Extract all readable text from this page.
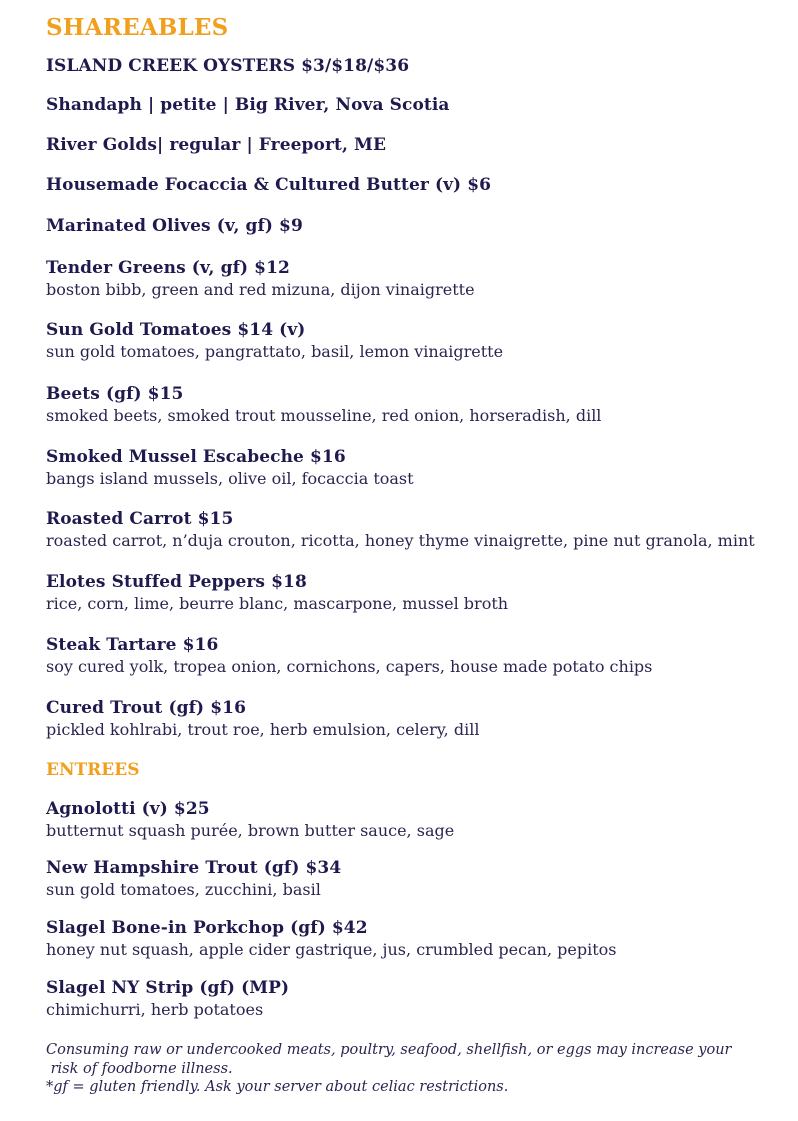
SHAREABLES
ISLAND CREEK OYSTERS $3/$18/$36
Shandaph | petite | Big River, Nova Scotia
River Golds| regular | Freeport, ME
Housemade Focaccia & Cultured Butter (v) $6
Marinated Olives (v, gf) $9
Tender Greens (v, gf) $12
boston bibb, green and red mizuna, dijon vinaigrette
Sun Gold Tomatoes $14 (v)
sun gold tomatoes, pangrattato, basil, lemon vinaigrette
Beets (gf) $15
smoked beets, smoked trout mousseline, red onion, horseradish, dill
Smoked Mussel Escabeche $16
bangs island mussels, olive oil, focaccia toast
Roasted Carrot $15
roasted carrot, n’duja crouton, ricotta, honey thyme vinaigrette, pine nut granola, mint
Elotes Stuffed Peppers $18
rice, corn, lime, beurre blanc, mascarpone, mussel broth
Steak Tartare $16
soy cured yolk, tropea onion, cornichons, capers, house made potato chips
Cured Trout (gf) $16
pickled kohlrabi, trout roe, herb emulsion, celery, dill
ENTREES
Agnolotti (v) $25
butternut squash purée, brown butter sauce, sage
New Hampshire Trout (gf) $34
sun gold tomatoes, zucchini, basil
Slagel Bone-in Porkchop (gf) $42
honey nut squash, apple cider gastrique, jus, crumbled pecan, pepitos
Slagel NY Strip (gf) (MP)
chimichurri, herb potatoes
Consuming raw or undercooked meats, poultry, seafood, shellfish, or eggs may increase your
risk of foodborne illness.
*gf = gluten friendly. Ask your server about celiac restrictions.
